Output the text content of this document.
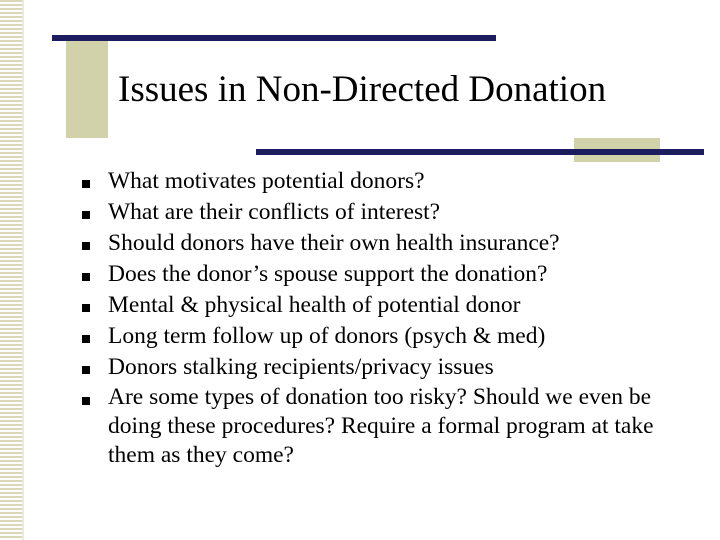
Issues in Non-Directed Donation
What motivates potential donors?
What are their conflicts of interest?
Should donors have their own health insurance?
Does the donor’s spouse support the donation?
Mental & physical health of potential donor
Long term follow up of donors (psych & med)
Donors stalking recipients/privacy issues
Are some types of donation too risky? Should we even be doing these procedures? Require a formal program at take them as they come?
